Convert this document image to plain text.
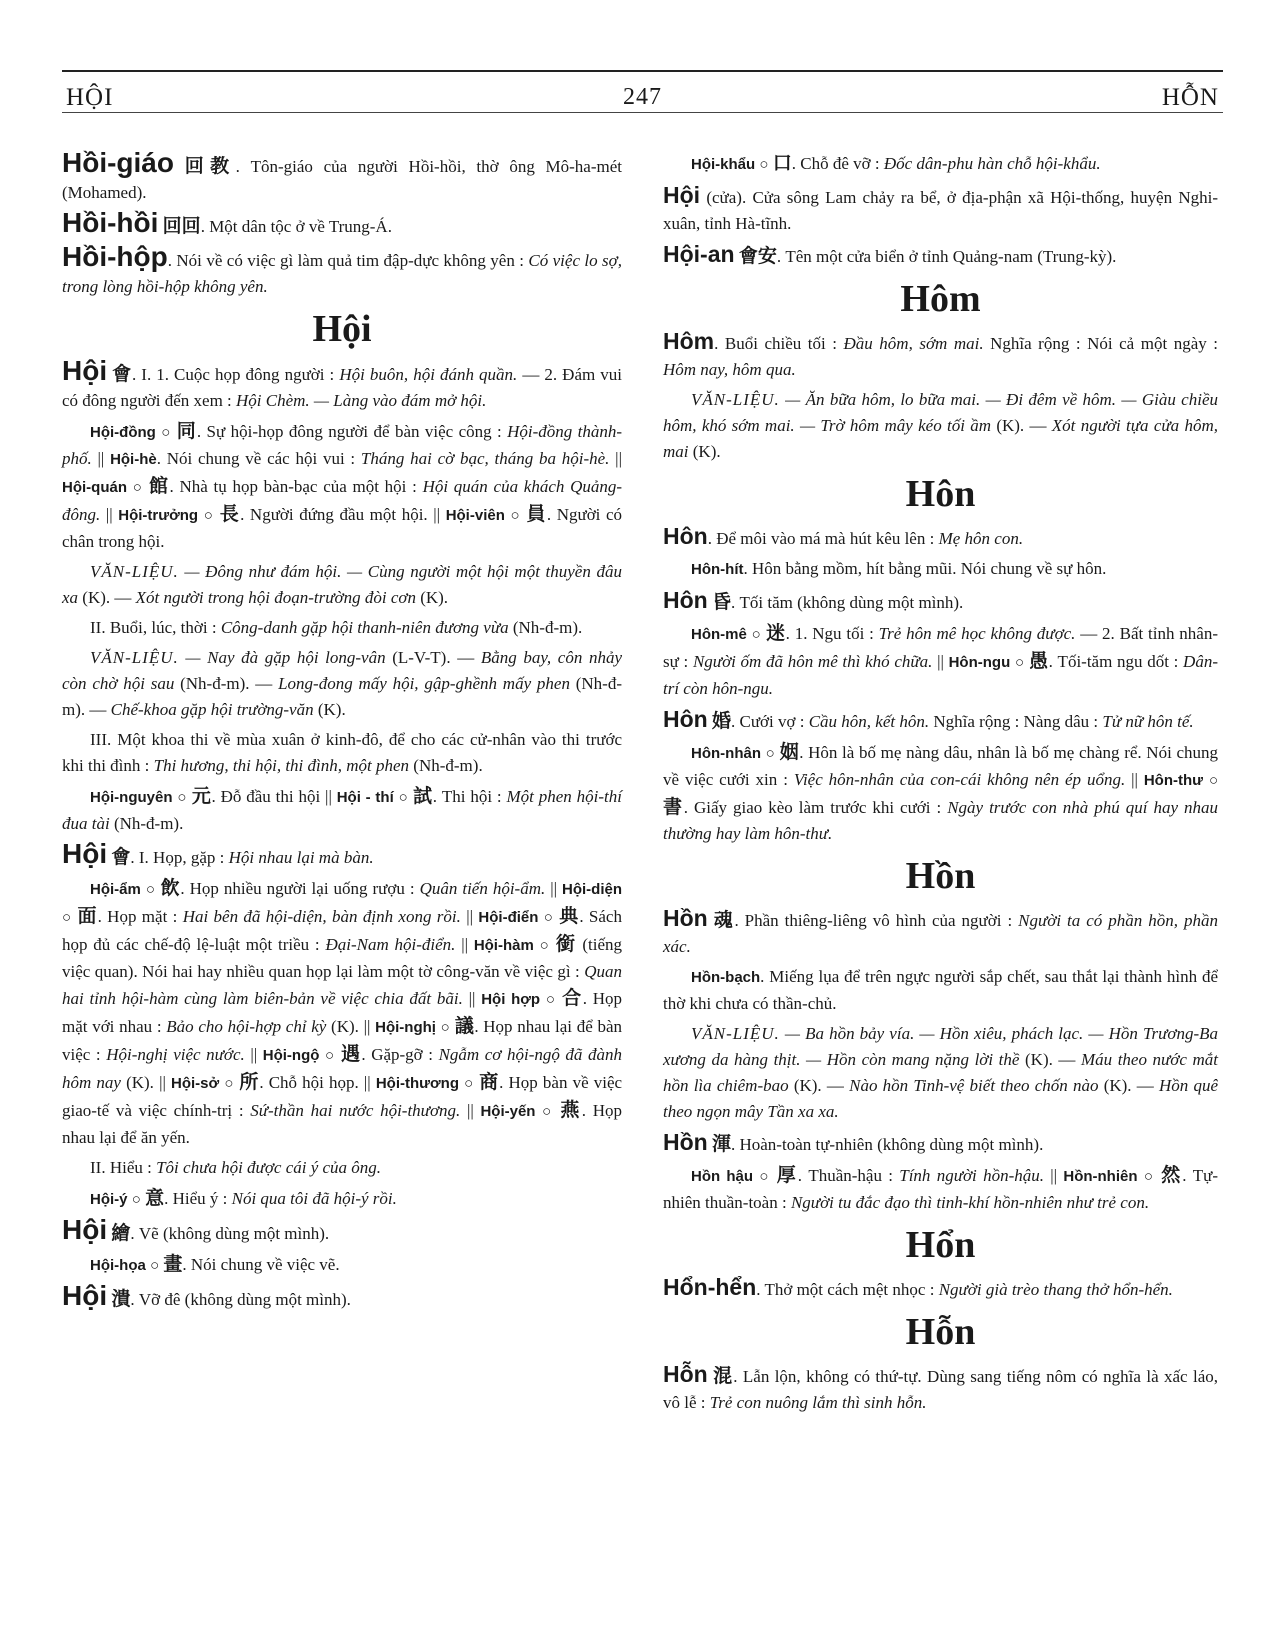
HỘI	247	HỖN

Hồi-giáo 回教. Tôn-giáo của người Hồi-hồi, thờ ông Mô-ha-mét (Mohamed).

Hồi-hồi 回回. Một dân tộc ở về Trung-Á.

Hồi-hộp. Nói về có việc gì làm quả tim đập-dực không yên : Có việc lo sợ, trong lòng hồi-hộp không yên.

Hội

Hội 會. I. 1. Cuộc họp đông người : Hội buôn, hội đánh quần. — 2. Đám vui có đông người đến xem : Hội Chèm. — Làng vào đám mở hội.

Hội-đồng ○ 同. Sự hội-họp đông người để bàn việc công : Hội-đồng thành-phố. || Hội-hè. Nói chung về các hội vui : Tháng hai cờ bạc, tháng ba hội-hè. || Hội-quán ○ 館. Nhà tụ họp bàn-bạc của một hội : Hội quán của khách Quảng-đông. || Hội-trưởng ○ 長. Người đứng đầu một hội. || Hội-viên ○ 員. Người có chân trong hội.

VĂN-LIỆU. — Đông như đám hội. — Cùng người một hội một thuyền đâu xa (K). — Xót người trong hội đoạn-trường đòi cơn (K).

II. Buổi, lúc, thời : Công-danh gặp hội thanh-niên đương vừa (Nh-đ-m).

VĂN-LIỆU. — Nay đà gặp hội long-vân (L-V-T). — Bằng bay, côn nhảy còn chờ hội sau (Nh-đ-m). — Long-đong mấy hội, gập-ghềnh mấy phen (Nh-đ-m). — Chế-khoa gặp hội trường-văn (K).

III. Một khoa thi về mùa xuân ở kinh-đô, để cho các cử-nhân vào thi trước khi thi đình : Thi hương, thi hội, thi đình, một phen (Nh-đ-m).

Hội-nguyên ○ 元. Đỗ đầu thi hội || Hội - thí ○ 試. Thi hội : Một phen hội-thí đua tài (Nh-đ-m).

Hội 會. I. Họp, gặp : Hội nhau lại mà bàn.

Hội-ẩm ○ 飲. Họp nhiều người lại uống rượu : Quân tiến hội-ẩm. || Hội-diện ○ 面. Họp mặt : Hai bên đã hội-diện, bàn định xong rồi. || Hội-điển ○ 典. Sách họp đủ các chế-độ lệ-luật một triều : Đại-Nam hội-điển. || Hội-hàm ○ 銜 (tiếng việc quan). Nói hai hay nhiều quan họp lại làm một tờ công-văn về việc gì : Quan hai tỉnh hội-hàm cùng làm biên-bản về việc chia đất bãi. || Hội hợp ○ 合. Họp mặt với nhau : Bảo cho hội-hợp chỉ kỳ (K). || Hội-nghị ○ 議. Họp nhau lại để bàn việc : Hội-nghị việc nước. || Hội-ngộ ○ 遇. Gặp-gỡ : Ngẫm cơ hội-ngộ đã đành hôm nay (K). || Hội-sở ○ 所. Chỗ hội họp. || Hội-thương ○ 商. Họp bàn về việc giao-tế và việc chính-trị : Sứ-thần hai nước hội-thương. || Hội-yến ○ 燕. Họp nhau lại để ăn yến.

II. Hiểu : Tôi chưa hội được cái ý của ông.

Hội-ý ○ 意. Hiểu ý : Nói qua tôi đã hội-ý rồi.

Hội 繪. Vẽ (không dùng một mình).

Hội-họa ○ 畫. Nói chung về việc vẽ.

Hội 潰. Vỡ đê (không dùng một mình).

Hội-khẩu ○ 口. Chỗ đê vỡ : Đốc dân-phu hàn chỗ hội-khẩu.

Hội (cửa). Cửa sông Lam chảy ra bể, ở địa-phận xã Hội-thống, huyện Nghi-xuân, tỉnh Hà-tĩnh.

Hội-an 會安. Tên một cửa biển ở tỉnh Quảng-nam (Trung-kỳ).

Hôm

Hôm. Buổi chiều tối : Đầu hôm, sớm mai. Nghĩa rộng : Nói cả một ngày : Hôm nay, hôm qua.

VĂN-LIỆU. — Ăn bữa hôm, lo bữa mai. — Đi đêm về hôm. — Giàu chiều hôm, khó sớm mai. — Trờ hôm mây kéo tối ầm (K). — Xót người tựa cửa hôm, mai (K).

Hôn

Hôn. Để môi vào má mà hút kêu lên : Mẹ hôn con.

Hôn-hít. Hôn bằng mồm, hít bằng mũi. Nói chung về sự hôn.

Hôn 昏. Tối tăm (không dùng một mình).

Hôn-mê ○ 迷. 1. Ngu tối : Trẻ hôn mê học không được. — 2. Bất tỉnh nhân-sự : Người ốm đã hôn mê thì khó chữa. || Hôn-ngu ○ 愚. Tối-tăm ngu dốt : Dân-trí còn hôn-ngu.

Hôn 婚. Cưới vợ : Cầu hôn, kết hôn. Nghĩa rộng : Nàng dâu : Tử nữ hôn tế.

Hôn-nhân ○ 姻. Hôn là bố mẹ nàng dâu, nhân là bố mẹ chàng rể. Nói chung về việc cưới xin : Việc hôn-nhân của con-cái không nên ép uổng. || Hôn-thư ○ 書. Giấy giao kèo làm trước khi cưới : Ngày trước con nhà phú quí hay nhau thường hay làm hôn-thư.

Hồn

Hồn 魂. Phần thiêng-liêng vô hình của người : Người ta có phần hồn, phần xác.

Hồn-bạch. Miếng lụa để trên ngực người sắp chết, sau thắt lại thành hình để thờ khi chưa có thần-chủ.

VĂN-LIỆU. — Ba hồn bảy vía. — Hồn xiêu, phách lạc. — Hồn Trương-Ba xương da hàng thịt. — Hồn còn mang nặng lời thề (K). — Máu theo nước mắt hồn lìa chiêm-bao (K). — Nào hồn Tinh-vệ biết theo chốn nào (K). — Hồn quê theo ngọn mây Tần xa xa.

Hồn 渾. Hoàn-toàn tự-nhiên (không dùng một mình).

Hồn hậu ○ 厚. Thuần-hậu : Tính người hồn-hậu. || Hồn-nhiên ○ 然. Tự-nhiên thuần-toàn : Người tu đắc đạo thì tinh-khí hồn-nhiên như trẻ con.

Hổn

Hổn-hển. Thở một cách mệt nhọc : Người già trèo thang thở hổn-hển.

Hỗn

Hỗn 混. Lẫn lộn, không có thứ-tự. Dùng sang tiếng nôm có nghĩa là xấc láo, vô lễ : Trẻ con nuông lắm thì sinh hỗn.
